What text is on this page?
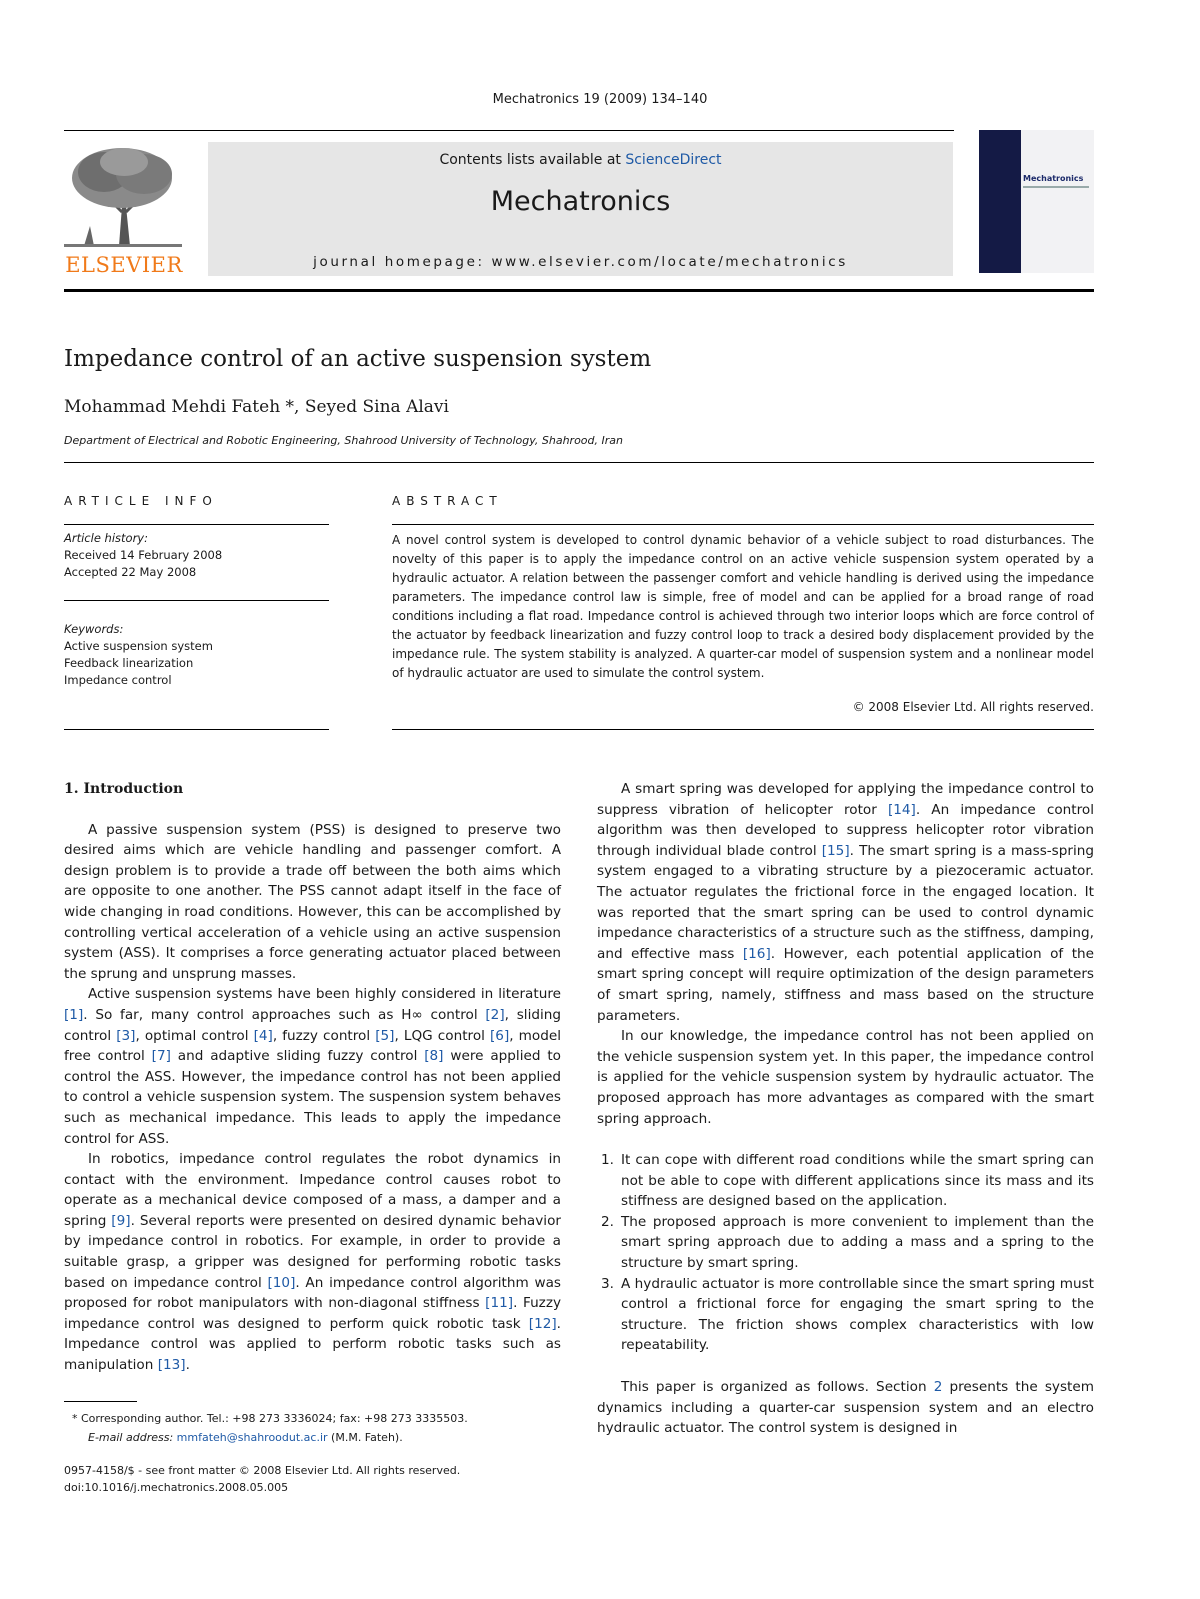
Mechatronics 19 (2009) 134–140
ELSEVIER
Contents lists available at ScienceDirect
Mechatronics
journal homepage: www.elsevier.com/locate/mechatronics
Mechatronics
Impedance control of an active suspension system
Mohammad Mehdi Fateh *, Seyed Sina Alavi
Department of Electrical and Robotic Engineering, Shahrood University of Technology, Shahrood, Iran
ARTICLE INFO	ABSTRACT
Article history:
Received 14 February 2008
Accepted 22 May 2008
Keywords:
Active suspension system
Feedback linearization
Impedance control
A novel control system is developed to control dynamic behavior of a vehicle subject to road disturbances. The novelty of this paper is to apply the impedance control on an active vehicle suspension system operated by a hydraulic actuator. A relation between the passenger comfort and vehicle handling is derived using the impedance parameters. The impedance control law is simple, free of model and can be applied for a broad range of road conditions including a flat road. Impedance control is achieved through two interior loops which are force control of the actuator by feedback linearization and fuzzy control loop to track a desired body displacement provided by the impedance rule. The system stability is analyzed. A quarter-car model of suspension system and a nonlinear model of hydraulic actuator are used to simulate the control system.
© 2008 Elsevier Ltd. All rights reserved.

1. Introduction

A passive suspension system (PSS) is designed to preserve two desired aims which are vehicle handling and passenger comfort. A design problem is to provide a trade off between the both aims which are opposite to one another. The PSS cannot adapt itself in the face of wide changing in road conditions. However, this can be accomplished by controlling vertical acceleration of a vehicle using an active suspension system (ASS). It comprises a force generating actuator placed between the sprung and unsprung masses.

Active suspension systems have been highly considered in literature [1]. So far, many control approaches such as H∞ control [2], sliding control [3], optimal control [4], fuzzy control [5], LQG control [6], model free control [7] and adaptive sliding fuzzy control [8] were applied to control the ASS. However, the impedance control has not been applied to control a vehicle suspension system. The suspension system behaves such as mechanical impedance. This leads to apply the impedance control for ASS.

In robotics, impedance control regulates the robot dynamics in contact with the environment. Impedance control causes robot to operate as a mechanical device composed of a mass, a damper and a spring [9]. Several reports were presented on desired dynamic behavior by impedance control in robotics. For example, in order to provide a suitable grasp, a gripper was designed for performing robotic tasks based on impedance control [10]. An impedance control algorithm was proposed for robot manipulators with non-diagonal stiffness [11]. Fuzzy impedance control was designed to perform quick robotic task [12]. Impedance control was applied to perform robotic tasks such as manipulation [13].

A smart spring was developed for applying the impedance control to suppress vibration of helicopter rotor [14]. An impedance control algorithm was then developed to suppress helicopter rotor vibration through individual blade control [15]. The smart spring is a mass-spring system engaged to a vibrating structure by a piezoceramic actuator. The actuator regulates the frictional force in the engaged location. It was reported that the smart spring can be used to control dynamic impedance characteristics of a structure such as the stiffness, damping, and effective mass [16]. However, each potential application of the smart spring concept will require optimization of the design parameters of smart spring, namely, stiffness and mass based on the structure parameters.

In our knowledge, the impedance control has not been applied on the vehicle suspension system yet. In this paper, the impedance control is applied for the vehicle suspension system by hydraulic actuator. The proposed approach has more advantages as compared with the smart spring approach.

1. It can cope with different road conditions while the smart spring can not be able to cope with different applications since its mass and its stiffness are designed based on the application.
2. The proposed approach is more convenient to implement than the smart spring approach due to adding a mass and a spring to the structure by smart spring.
3. A hydraulic actuator is more controllable since the smart spring must control a frictional force for engaging the smart spring to the structure. The friction shows complex characteristics with low repeatability.

This paper is organized as follows. Section 2 presents the system dynamics including a quarter-car suspension system and an electro hydraulic actuator. The control system is designed in

* Corresponding author. Tel.: +98 273 3336024; fax: +98 273 3335503.
E-mail address: mmfateh@shahroodut.ac.ir (M.M. Fateh).
0957-4158/$ - see front matter © 2008 Elsevier Ltd. All rights reserved.
doi:10.1016/j.mechatronics.2008.05.005
